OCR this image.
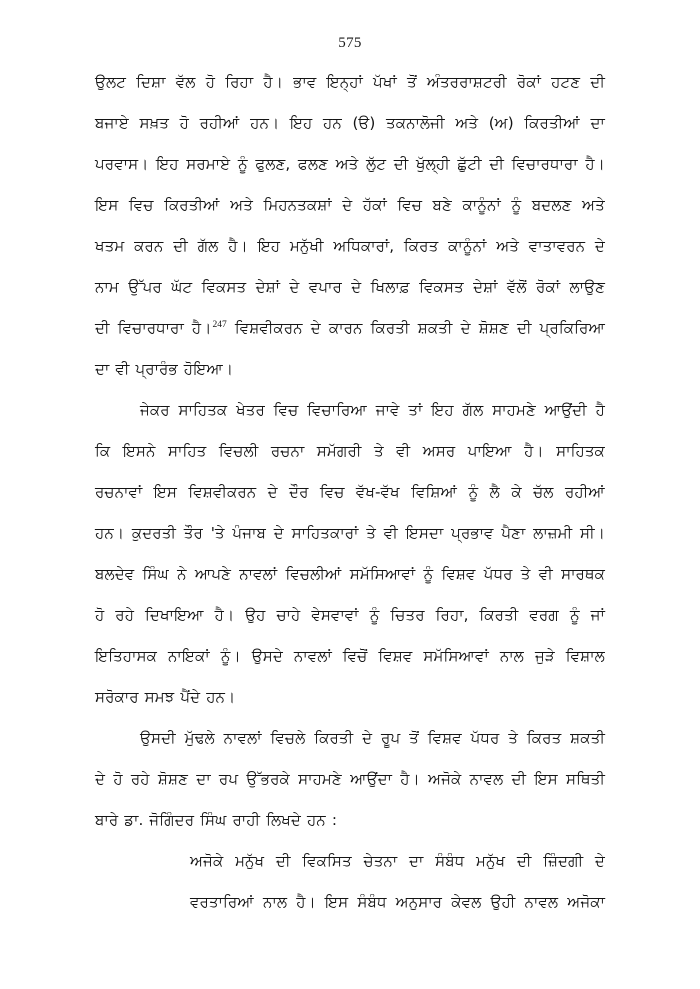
575
ਉਲਟ ਦਿਸ਼ਾ ਵੱਲ ਹੋ ਰਿਹਾ ਹੈ। ਭਾਵ ਇਨ੍ਹਾਂ ਪੱਖਾਂ ਤੋਂ ਅੰਤਰਰਾਸ਼ਟਰੀ ਰੋਕਾਂ ਹਟਣ ਦੀ
ਬਜਾਏ ਸਖ਼ਤ ਹੋ ਰਹੀਆਂ ਹਨ। ਇਹ ਹਨ (ੳ) ਤਕਨਾਲੋਜੀ ਅਤੇ (ਅ) ਕਿਰਤੀਆਂ ਦਾ
ਪਰਵਾਸ। ਇਹ ਸਰਮਾਏ ਨੂੰ ਫੁਲਣ, ਫਲਣ ਅਤੇ ਲੁੱਟ ਦੀ ਖੁੱਲ੍ਹੀ ਛੁੱਟੀ ਦੀ ਵਿਚਾਰਧਾਰਾ ਹੈ।
ਇਸ ਵਿਚ ਕਿਰਤੀਆਂ ਅਤੇ ਮਿਹਨਤਕਸ਼ਾਂ ਦੇ ਹੱਕਾਂ ਵਿਚ ਬਣੇ ਕਾਨੂੰਨਾਂ ਨੂੰ ਬਦਲਣ ਅਤੇ
ਖਤਮ ਕਰਨ ਦੀ ਗੱਲ ਹੈ। ਇਹ ਮਨੁੱਖੀ ਅਧਿਕਾਰਾਂ, ਕਿਰਤ ਕਾਨੂੰਨਾਂ ਅਤੇ ਵਾਤਾਵਰਨ ਦੇ
ਨਾਮ ਉੱਪਰ ਘੱਟ ਵਿਕਸਤ ਦੇਸ਼ਾਂ ਦੇ ਵਪਾਰ ਦੇ ਖਿਲਾਫ਼ ਵਿਕਸਤ ਦੇਸ਼ਾਂ ਵੱਲੋਂ ਰੋਕਾਂ ਲਾਉਣ
ਦੀ ਵਿਚਾਰਧਾਰਾ ਹੈ।$^{247}$ ਵਿਸ਼ਵੀਕਰਨ ਦੇ ਕਾਰਨ ਕਿਰਤੀ ਸ਼ਕਤੀ ਦੇ ਸ਼ੋਸ਼ਣ ਦੀ ਪ੍ਰਕਿਰਿਆ
ਦਾ ਵੀ ਪ੍ਰਾਰੰਭ ਹੋਇਆ।
ਜੇਕਰ ਸਾਹਿਤਕ ਖੇਤਰ ਵਿਚ ਵਿਚਾਰਿਆ ਜਾਵੇ ਤਾਂ ਇਹ ਗੱਲ ਸਾਹਮਣੇ ਆਉਂਦੀ ਹੈ
ਕਿ ਇਸਨੇ ਸਾਹਿਤ ਵਿਚਲੀ ਰਚਨਾ ਸਮੱਗਰੀ ਤੇ ਵੀ ਅਸਰ ਪਾਇਆ ਹੈ। ਸਾਹਿਤਕ
ਰਚਨਾਵਾਂ ਇਸ ਵਿਸ਼ਵੀਕਰਨ ਦੇ ਦੌਰ ਵਿਚ ਵੱਖ-ਵੱਖ ਵਿਸ਼ਿਆਂ ਨੂੰ ਲੈ ਕੇ ਚੱਲ ਰਹੀਆਂ
ਹਨ। ਕੁਦਰਤੀ ਤੌਰ 'ਤੇ ਪੰਜਾਬ ਦੇ ਸਾਹਿਤਕਾਰਾਂ ਤੇ ਵੀ ਇਸਦਾ ਪ੍ਰਭਾਵ ਪੈਣਾ ਲਾਜ਼ਮੀ ਸੀ।
ਬਲਦੇਵ ਸਿੰਘ ਨੇ ਆਪਣੇ ਨਾਵਲਾਂ ਵਿਚਲੀਆਂ ਸਮੱਸਿਆਵਾਂ ਨੂੰ ਵਿਸ਼ਵ ਪੱਧਰ ਤੇ ਵੀ ਸਾਰਥਕ
ਹੋ ਰਹੇ ਦਿਖਾਇਆ ਹੈ। ਉਹ ਚਾਹੇ ਵੇਸਵਾਵਾਂ ਨੂੰ ਚਿਤਰ ਰਿਹਾ, ਕਿਰਤੀ ਵਰਗ ਨੂੰ ਜਾਂ
ਇਤਿਹਾਸਕ ਨਾਇਕਾਂ ਨੂੰ। ਉਸਦੇ ਨਾਵਲਾਂ ਵਿਚੋਂ ਵਿਸ਼ਵ ਸਮੱਸਿਆਵਾਂ ਨਾਲ ਜੁੜੇ ਵਿਸ਼ਾਲ
ਸਰੋਕਾਰ ਸਮਝ ਪੈਂਦੇ ਹਨ।
ਉਸਦੀ ਮੁੱਢਲੇ ਨਾਵਲਾਂ ਵਿਚਲੇ ਕਿਰਤੀ ਦੇ ਰੂਪ ਤੋਂ ਵਿਸ਼ਵ ਪੱਧਰ ਤੇ ਕਿਰਤ ਸ਼ਕਤੀ
ਦੇ ਹੋ ਰਹੇ ਸ਼ੋਸ਼ਣ ਦਾ ਰਪ ਉੱਭਰਕੇ ਸਾਹਮਣੇ ਆਉਂਦਾ ਹੈ। ਅਜੋਕੇ ਨਾਵਲ ਦੀ ਇਸ ਸਥਿਤੀ
ਬਾਰੇ ਡਾ. ਜੋਗਿੰਦਰ ਸਿੰਘ ਰਾਹੀ ਲਿਖਦੇ ਹਨ :
ਅਜੋਕੇ ਮਨੁੱਖ ਦੀ ਵਿਕਸਿਤ ਚੇਤਨਾ ਦਾ ਸੰਬੰਧ ਮਨੁੱਖ ਦੀ ਜ਼ਿੰਦਗੀ ਦੇ
ਵਰਤਾਰਿਆਂ ਨਾਲ ਹੈ। ਇਸ ਸੰਬੰਧ ਅਨੁਸਾਰ ਕੇਵਲ ਉਹੀ ਨਾਵਲ ਅਜੋਕਾ
